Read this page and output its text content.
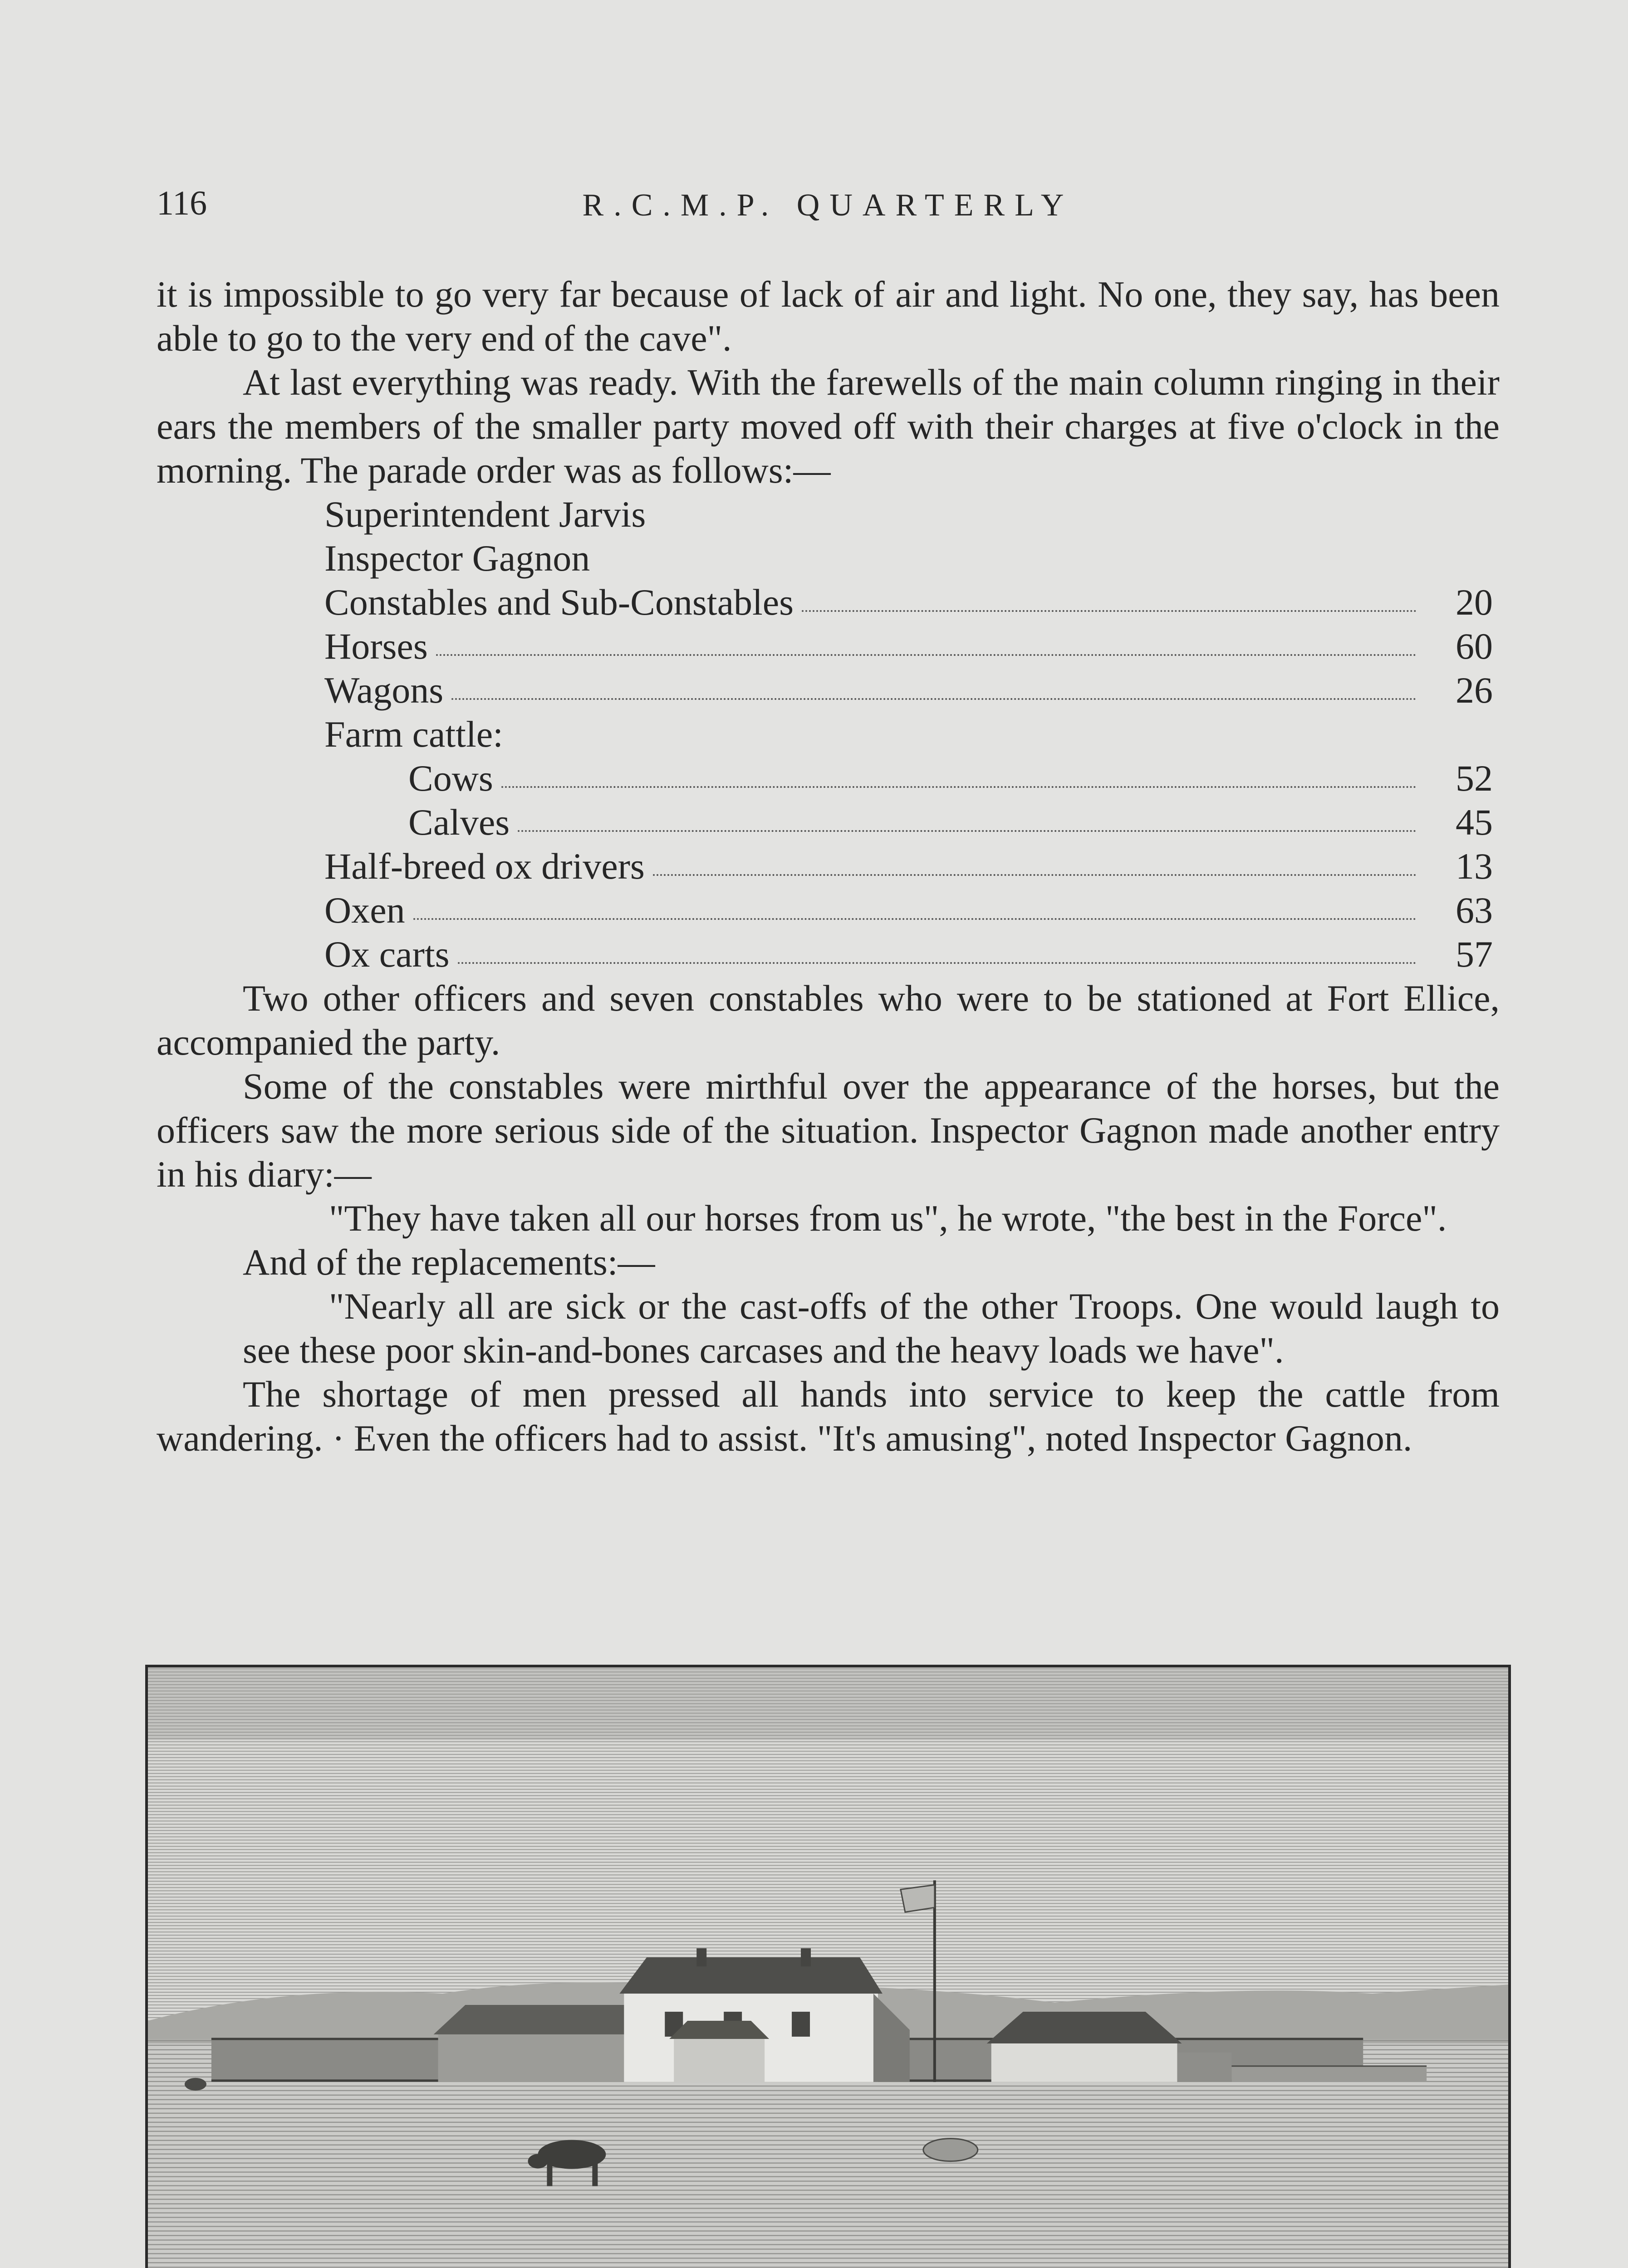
116	R.C.M.P. QUARTERLY

it is impossible to go very far because of lack of air and light. No one, they say, has been able to go to the very end of the cave".

At last everything was ready. With the farewells of the main column ringing in their ears the members of the smaller party moved off with their charges at five o'clock in the morning. The parade order was as follows:—

Superintendent Jarvis
Inspector Gagnon
Constables and Sub-Constables	20
Horses	60
Wagons	26
Farm cattle:
Cows	52
Calves	45
Half-breed ox drivers	13
Oxen	63
Ox carts	57

Two other officers and seven constables who were to be stationed at Fort Ellice, accompanied the party.

Some of the constables were mirthful over the appearance of the horses, but the officers saw the more serious side of the situation. Inspector Gagnon made another entry in his diary:—

"They have taken all our horses from us", he wrote, "the best in the Force".

And of the replacements:—

"Nearly all are sick or the cast-offs of the other Troops. One would laugh to see these poor skin-and-bones carcases and the heavy loads we have".

The shortage of men pressed all hands into service to keep the cattle from wandering. · Even the officers had to assist. "It's amusing", noted Inspector Gagnon.
